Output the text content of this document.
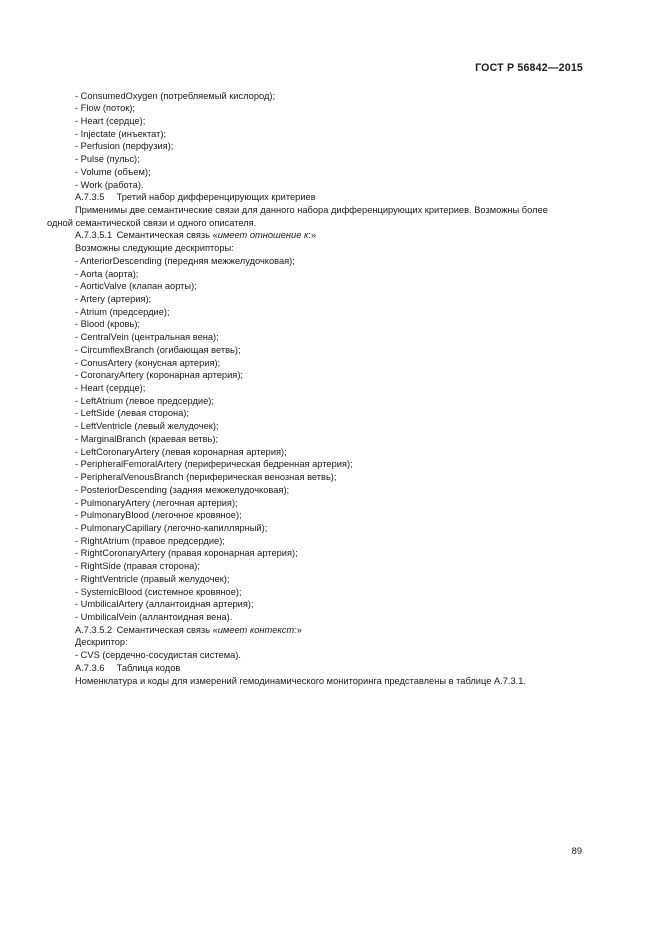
ГОСТ Р 56842—2015
- ConsumedOxygen (потребляемый кислород);
- Flow (поток);
- Heart (сердце);
- Injectate (инъектат);
- Perfusion (перфузия);
- Pulse (пульс);
- Volume (объем);
- Work (работа).
А.7.3.5 Третий набор дифференцирующих критериев
Применимы две семантические связи для данного набора дифференцирующих критериев. Возможны более
одной семантической связи и одного описателя.
А.7.3.5.1 Семантическая связь «имеет отношение к:»
Возможны следующие дескрипторы:
- AnteriorDescending (передняя межжелудочковая);
- Aorta (аорта);
- AorticValve (клапан аорты);
- Artery (артерия);
- Atrium (предсердие);
- Blood (кровь);
- CentralVein (центральная вена);
- CircumflexBranch (огибающая ветвь);
- ConusArtery (конусная артерия);
- CoronaryArtery (коронарная артерия);
- Heart (сердце);
- LeftAtrium (левое предсердие);
- LeftSide (левая сторона);
- LeftVentricle (левый желудочек);
- MarginalBranch (краевая ветвь);
- LeftCoronaryArtery (левая коронарная артерия);
- PeripheralFemoralArtery (периферическая бедренная артерия);
- PeripheralVenousBranch (периферическая венозная ветвь);
- PosteriorDescending (задняя межжелудочковая);
- PulmonaryArtery (легочная артерия);
- PulmonaryBlood (легочное кровяное);
- PulmonaryCapillary (легочно-капиллярный);
- RightAtrium (правое предсердие);
- RightCoronaryArtery (правая коронарная артерия);
- RightSide (правая сторона);
- RightVentricle (правый желудочек);
- SystemicBlood (системное кровяное);
- UmbilicalArtery (аллантоидная артерия);
- UmbilicalVein (аллантоидная вена).
А.7.3.5.2 Семантическая связь «имеет контекст:»
Дескриптор:
- CVS (сердечно-сосудистая система).
А.7.3.6 Таблица кодов
Номенклатура и коды для измерений гемодинамического мониторинга представлены в таблице А.7.3.1.
89
